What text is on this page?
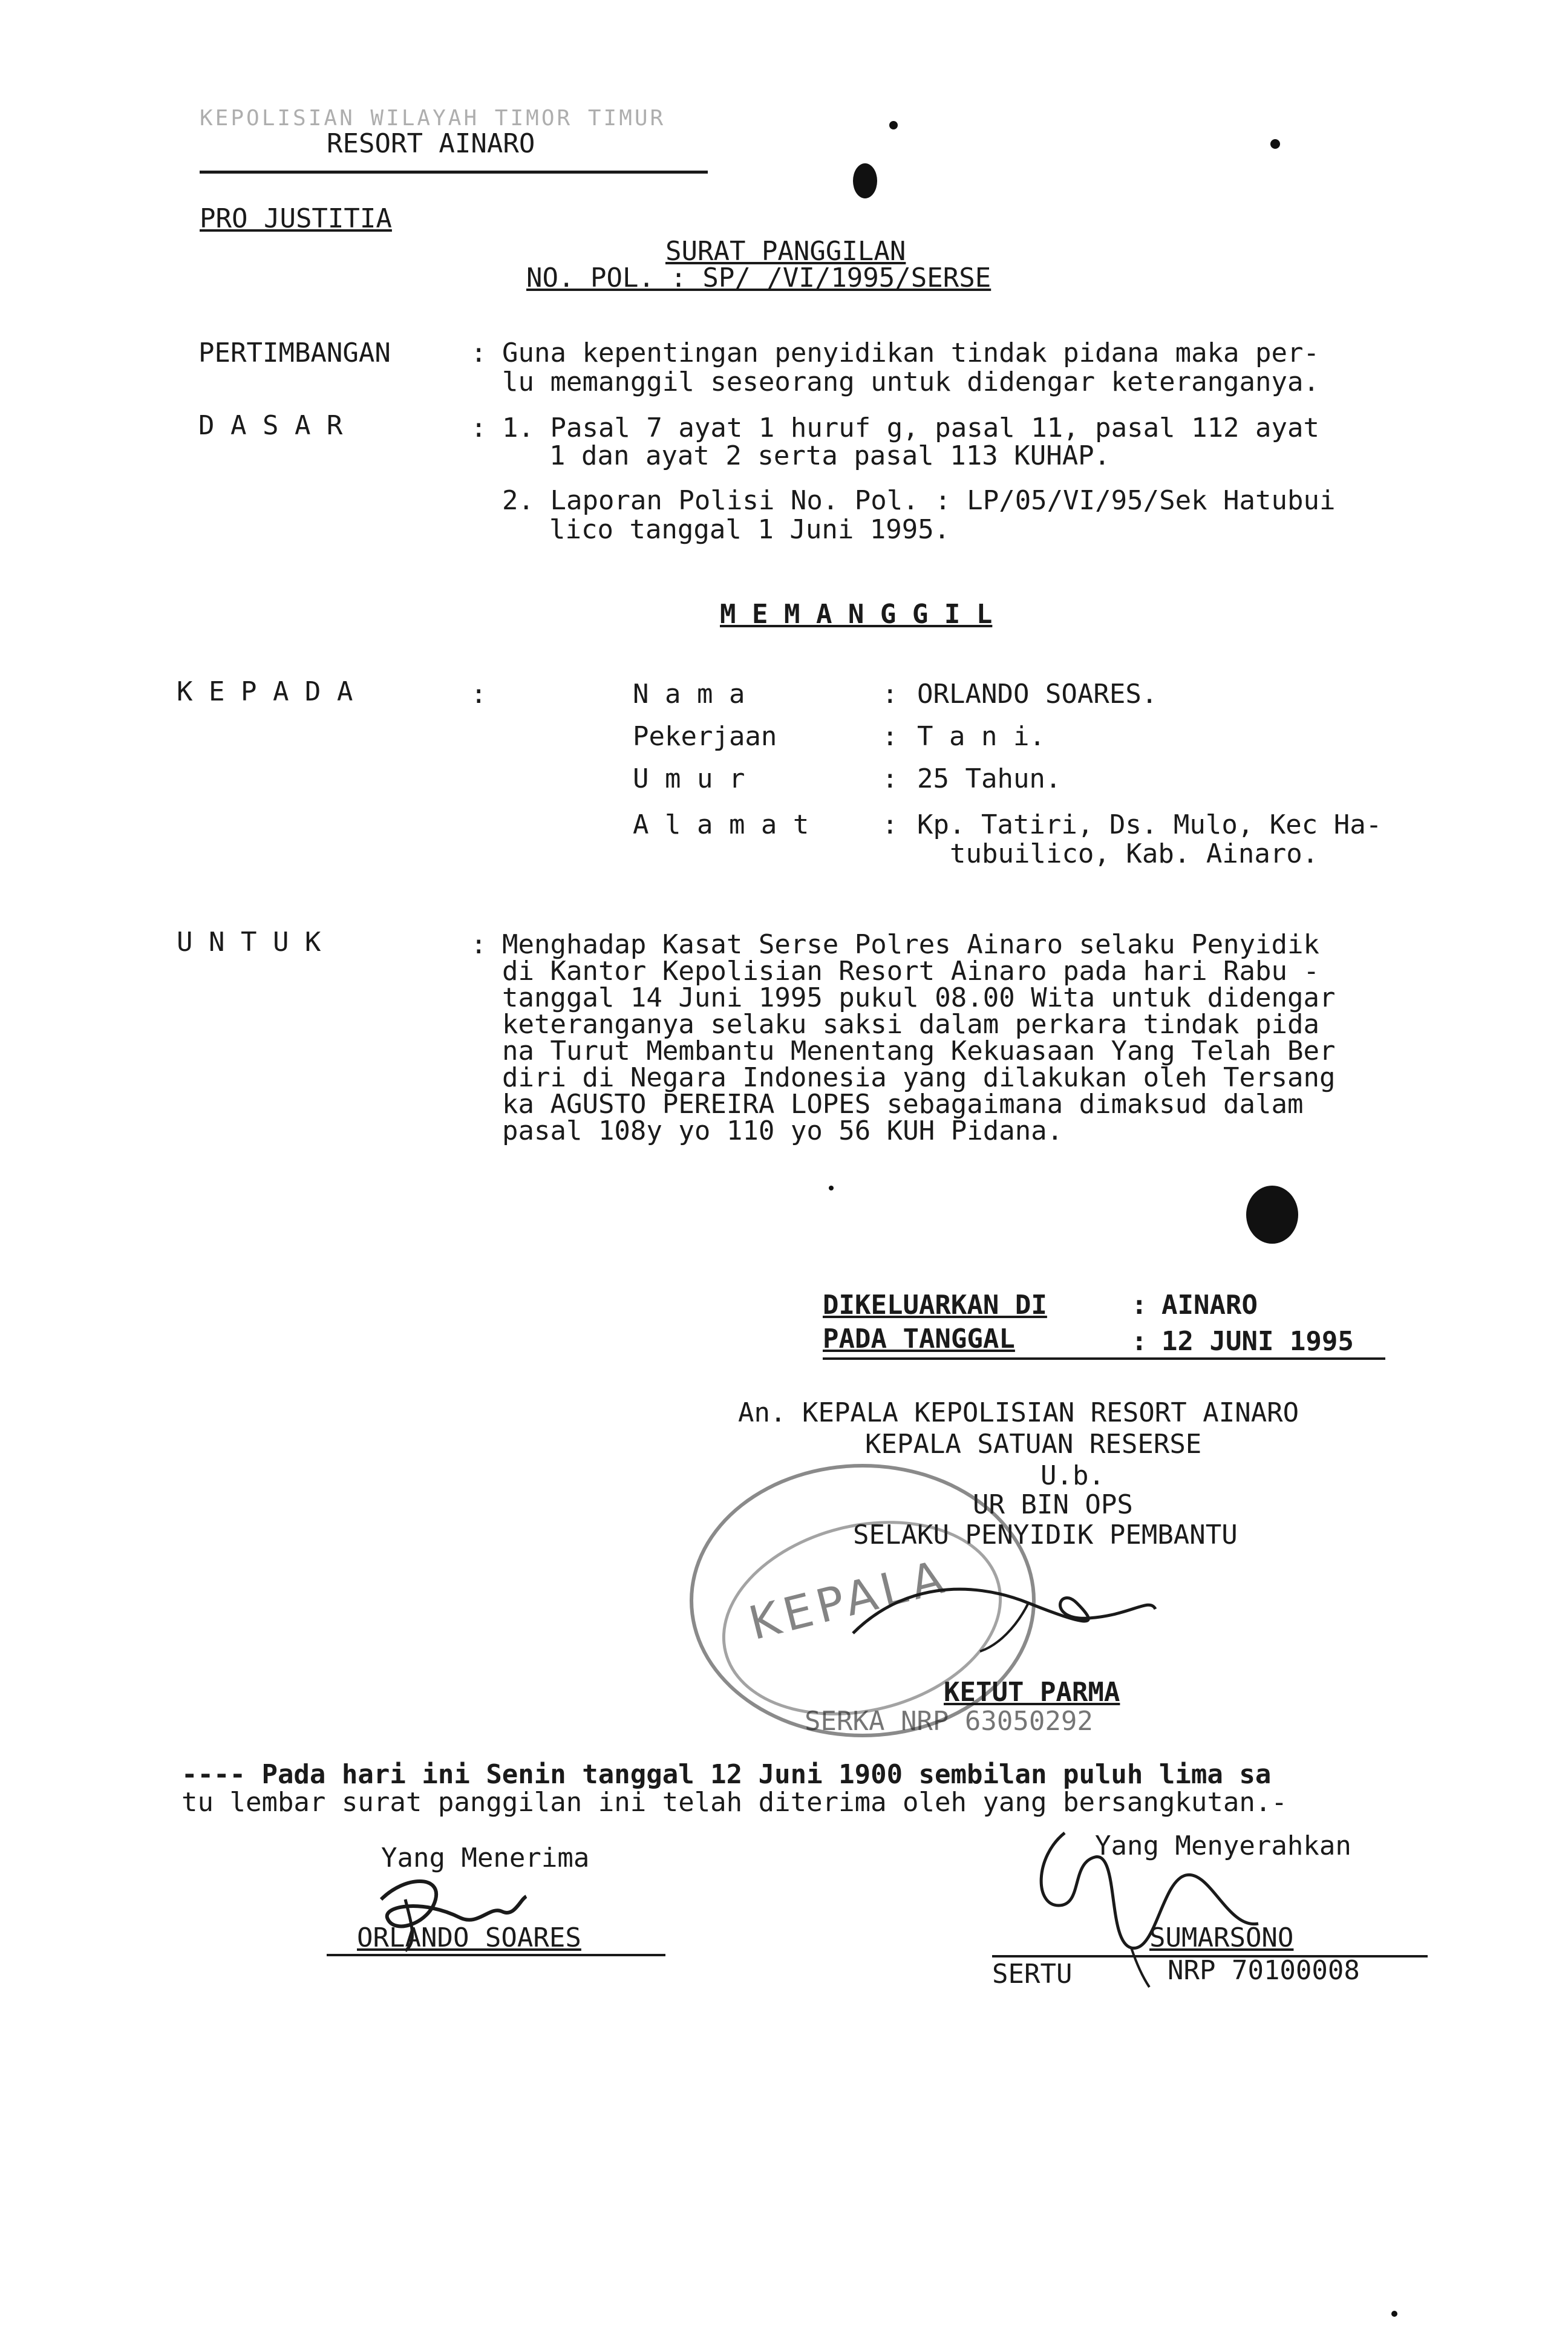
KEPOLISIAN WILAYAH TIMOR TIMUR
RESORT AINARO
PRO JUSTITIA
SURAT PANGGILAN
NO. POL. : SP/ /VI/1995/SERSE
PERTIMBANGAN	: Guna kepentingan penyidikan tindak pidana maka per-
lu memanggil seseorang untuk didengar keteranganya.
D A S A R	: 1. Pasal 7 ayat 1 huruf g, pasal 11, pasal 112 ayat
1 dan ayat 2 serta pasal 113 KUHAP.
2. Laporan Polisi No. Pol. : LP/05/VI/95/Sek Hatubui
lico tanggal 1 Juni 1995.
M E M A N G G I L
K E P A D A	:	N a m a	: ORLANDO SOARES.
Pekerjaan	: T a n i.
U m u r	: 25 Tahun.
A l a m a t	: Kp. Tatiri, Ds. Mulo, Kec Ha-
tubuilico, Kab. Ainaro.
U N T U K	: Menghadap Kasat Serse Polres Ainaro selaku Penyidik
di Kantor Kepolisian Resort Ainaro pada hari Rabu -
tanggal 14 Juni 1995 pukul 08.00 Wita untuk didengar
keteranganya selaku saksi dalam perkara tindak pida
na Turut Membantu Menentang Kekuasaan Yang Telah Ber
diri di Negara Indonesia yang dilakukan oleh Tersang
ka AGUSTO PEREIRA LOPES sebagaimana dimaksud dalam
pasal 108y yo 110 yo 56 KUH Pidana.
DIKELUARKAN DI	: AINARO
PADA TANGGAL	: 12 JUNI 1995
An. KEPALA KEPOLISIAN RESORT AINARO
KEPALA SATUAN RESERSE
U.b.
UR BIN OPS
SELAKU PENYIDIK PEMBANTU
KEPALA
KETUT PARMA
SERKA NRP 63050292
---- Pada hari ini Senin tanggal 12 Juni 1900 sembilan puluh lima sa
tu lembar surat panggilan ini telah diterima oleh yang bersangkutan.-
Yang Menerima
ORLANDO SOARES
Yang Menyerahkan
SUMARSONO
SERTU	NRP 70100008
